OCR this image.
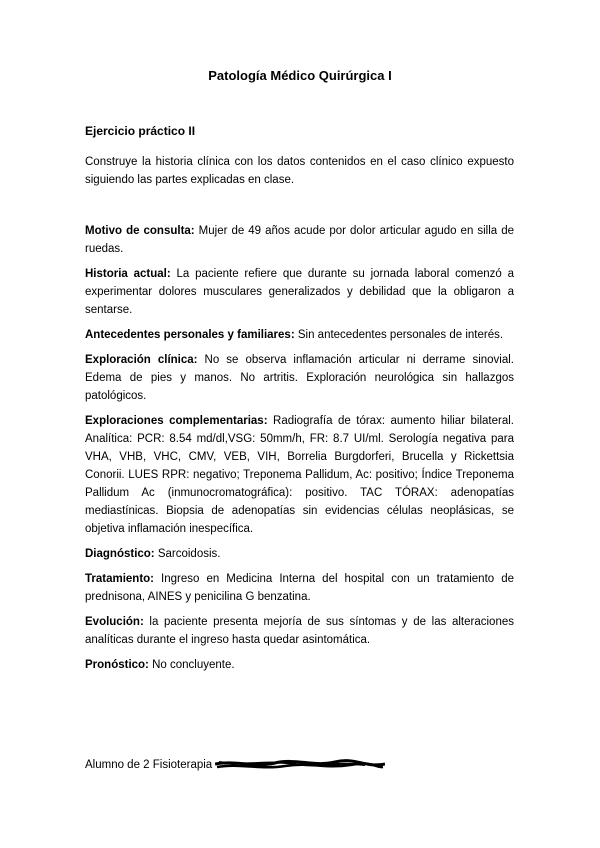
Patología Médico Quirúrgica I
Ejercicio práctico II
Construye la historia clínica con los datos contenidos en el caso clínico expuesto siguiendo las partes explicadas en clase.

Motivo de consulta: Mujer de 49 años acude por dolor articular agudo en silla de ruedas.

Historia actual: La paciente refiere que durante su jornada laboral comenzó a experimentar dolores musculares generalizados y debilidad que la obligaron a sentarse.

Antecedentes personales y familiares: Sin antecedentes personales de interés.

Exploración clínica: No se observa inflamación articular ni derrame sinovial. Edema de pies y manos. No artritis. Exploración neurológica sin hallazgos patológicos.

Exploraciones complementarias: Radiografía de tórax: aumento hiliar bilateral. Analítica: PCR: 8.54 md/dl,VSG: 50mm/h, FR: 8.7 UI/ml. Serología negativa para VHA, VHB, VHC, CMV, VEB, VIH, Borrelia Burgdorferi, Brucella y Rickettsia Conorii. LUES RPR: negativo; Treponema Pallidum, Ac: positivo; Índice Treponema Pallidum Ac (inmunocromatográfica): positivo. TAC TÓRAX: adenopatías mediastínicas. Biopsia de adenopatías sin evidencias células neoplásicas, se objetiva inflamación inespecífica.

Diagnóstico: Sarcoidosis.

Tratamiento: Ingreso en Medicina Interna del hospital con un tratamiento de prednisona, AINES y penicilina G benzatina.

Evolución: la paciente presenta mejoría de sus síntomas y de las alteraciones analíticas durante el ingreso hasta quedar asintomática.

Pronóstico: No concluyente.

Alumno de 2 Fisioterapia
